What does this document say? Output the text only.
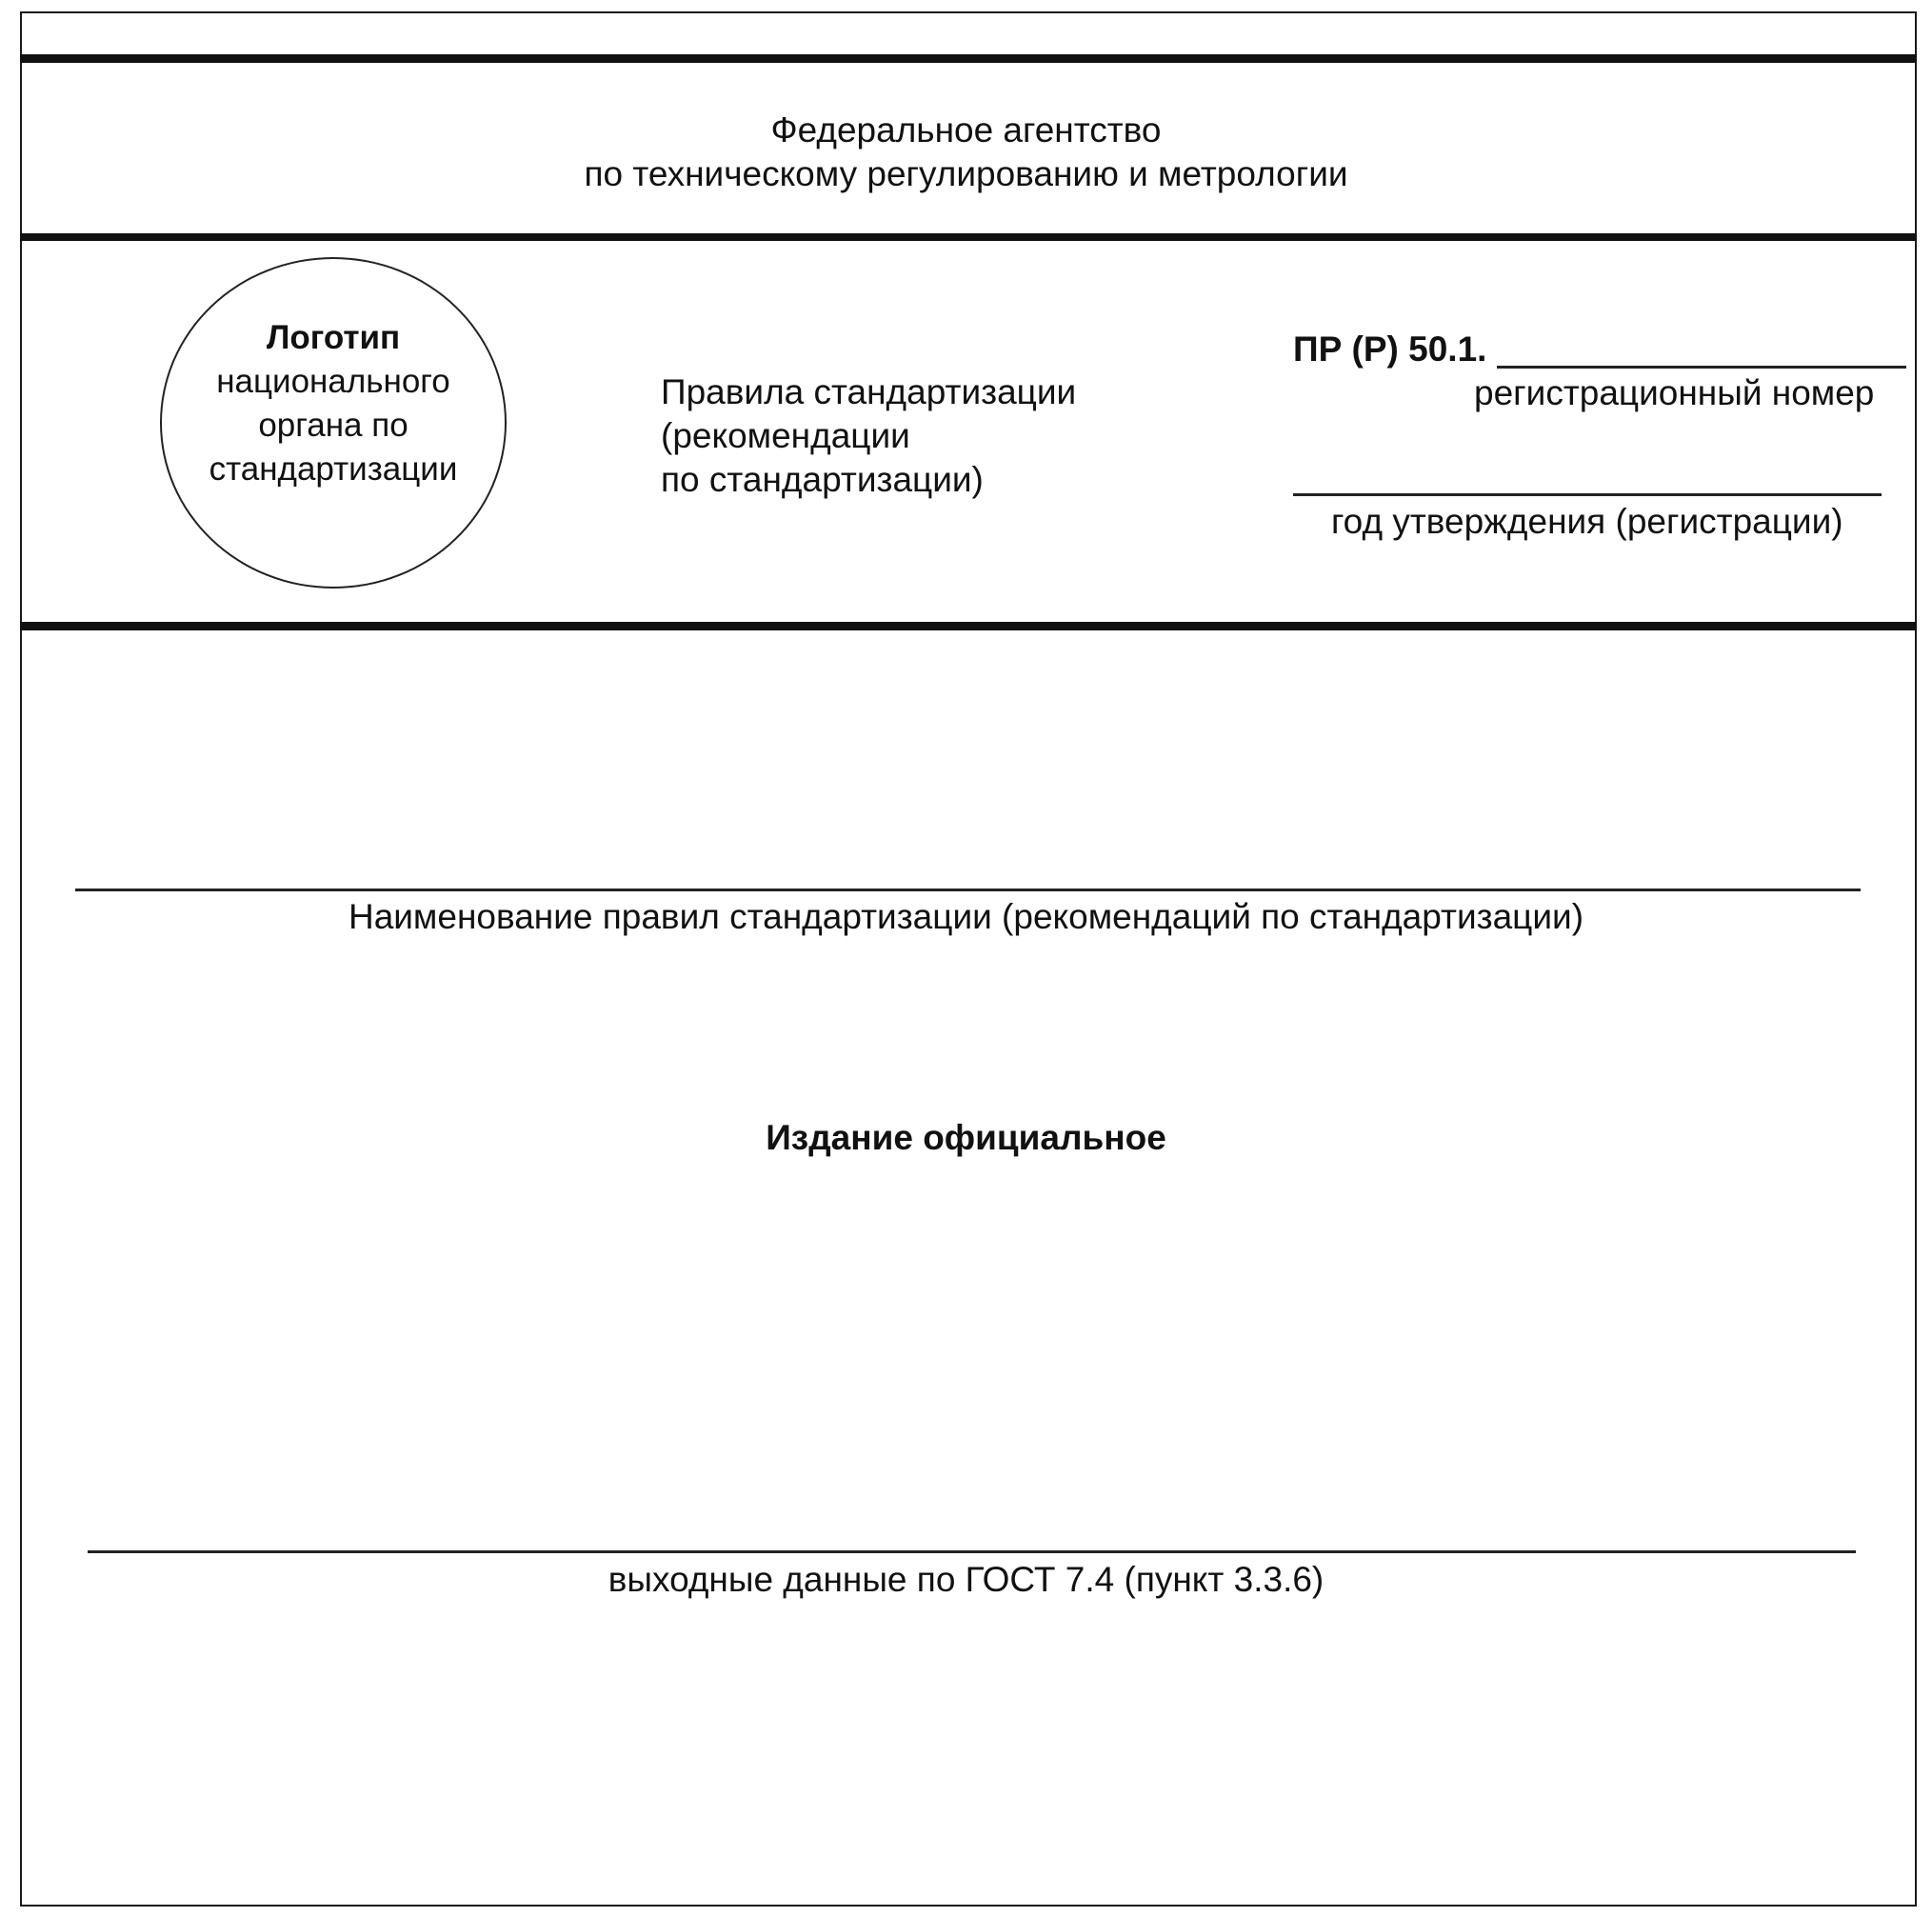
Федеральное агентство
по техническому регулированию и метрологии
Логотип
национального
органа по
стандартизации
Правила стандартизации
(рекомендации
по стандартизации)
ПР (Р) 50.1.
регистрационный номер
год утверждения (регистрации)
Наименование правил стандартизации (рекомендаций по стандартизации)
Издание официальное
выходные данные по ГОСТ 7.4 (пункт 3.3.6)
